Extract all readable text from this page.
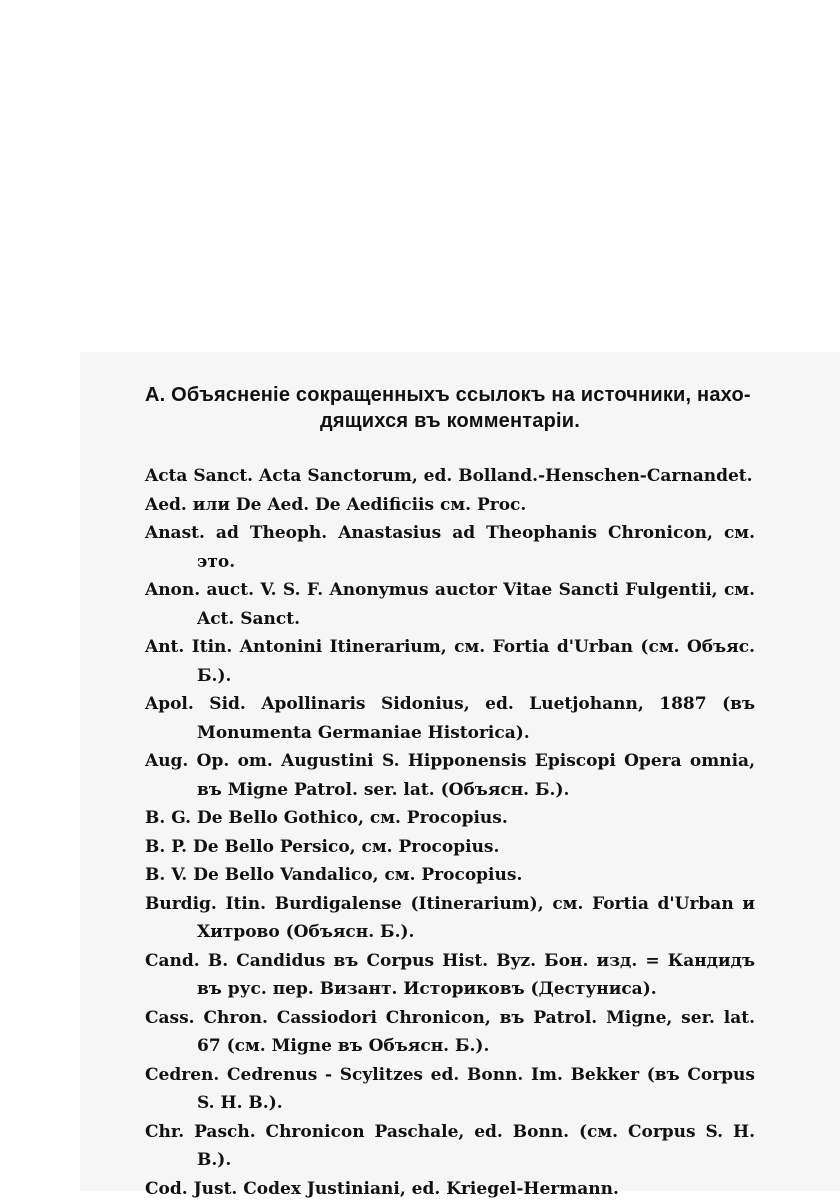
А. Объясненіе сокращенныхъ ссылокъ на источники, нахо-
дящихся въ комментаріи.
Acta Sanct. Acta Sanctorum, ed. Bolland.-Henschen-Carnandet.
Aed. или De Aed. De Aedificiis см. Proc.
Anast. ad Theoph. Anastasius ad Theophanis Chronicon, см. это.
Anon. auct. V. S. F. Anonymus auctor Vitae Sancti Fulgentii, см. Act. Sanct.
Ant. Itin. Antonini Itinerarium, см. Fortia d'Urban (см. Объяс. Б.).
Apol. Sid. Apollinaris Sidonius, ed. Luetjohann, 1887 (въ Monumenta Germaniae Historica).
Aug. Op. om. Augustini S. Hipponensis Episcopi Opera omnia, въ Migne Patrol. ser. lat. (Объясн. Б.).
B. G. De Bello Gothico, см. Procopius.
B. P. De Bello Persico, см. Procopius.
B. V. De Bello Vandalico, см. Procopius.
Burdig. Itin. Burdigalense (Itinerarium), см. Fortia d'Urban и Хитрово (Объясн. Б.).
Cand. B. Candidus въ Corpus Hist. Byz. Бон. изд. = Кандидъ въ рус. пер. Визант. Историковъ (Дестуниса).
Cass. Chron. Cassiodori Chronicon, въ Patrol. Migne, ser. lat. 67 (см. Migne въ Объясн. Б.).
Cedren. Cedrenus - Scylitzes ed. Bonn. Im. Bekker (въ Corpus S. H. B.).
Chr. Pasch. Chronicon Paschale, ed. Bonn. (см. Corpus S. H. B.).
Cod. Just. Codex Justiniani, ed. Kriegel-Hermann.
